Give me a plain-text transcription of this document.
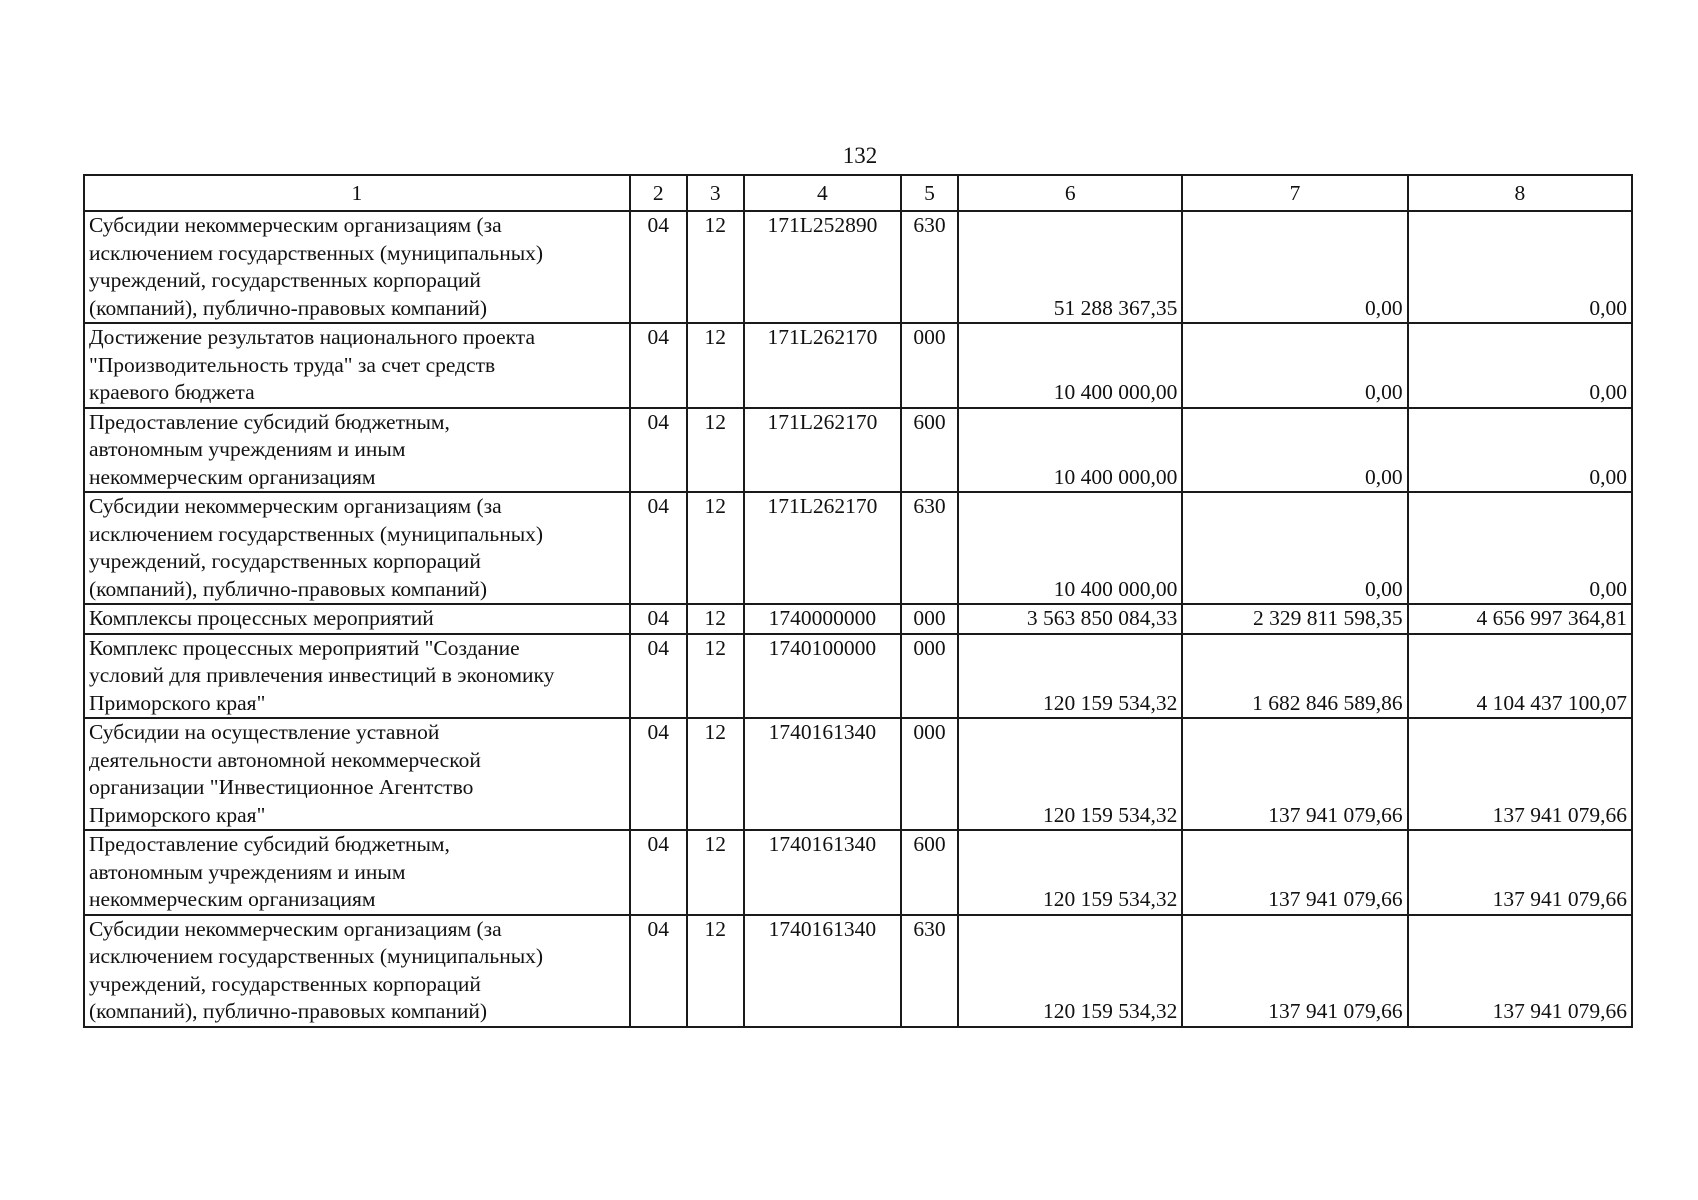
132
1	2	3	4	5	6	7	8
Субсидии некоммерческим организациям (за
исключением государственных (муниципальных)
учреждений, государственных корпораций
(компаний), публично-правовых компаний)	04	12	171L252890	630	51 288 367,35	0,00	0,00
Достижение результатов национального проекта
"Производительность труда" за счет средств
краевого бюджета	04	12	171L262170	000	10 400 000,00	0,00	0,00
Предоставление субсидий бюджетным,
автономным учреждениям и иным
некоммерческим организациям	04	12	171L262170	600	10 400 000,00	0,00	0,00
Субсидии некоммерческим организациям (за
исключением государственных (муниципальных)
учреждений, государственных корпораций
(компаний), публично-правовых компаний)	04	12	171L262170	630	10 400 000,00	0,00	0,00
Комплексы процессных мероприятий	04	12	1740000000	000	3 563 850 084,33	2 329 811 598,35	4 656 997 364,81
Комплекс процессных мероприятий "Создание
условий для привлечения инвестиций в экономику
Приморского края"	04	12	1740100000	000	120 159 534,32	1 682 846 589,86	4 104 437 100,07
Субсидии на осуществление уставной
деятельности автономной некоммерческой
организации "Инвестиционное Агентство
Приморского края"	04	12	1740161340	000	120 159 534,32	137 941 079,66	137 941 079,66
Предоставление субсидий бюджетным,
автономным учреждениям и иным
некоммерческим организациям	04	12	1740161340	600	120 159 534,32	137 941 079,66	137 941 079,66
Субсидии некоммерческим организациям (за
исключением государственных (муниципальных)
учреждений, государственных корпораций
(компаний), публично-правовых компаний)	04	12	1740161340	630	120 159 534,32	137 941 079,66	137 941 079,66
